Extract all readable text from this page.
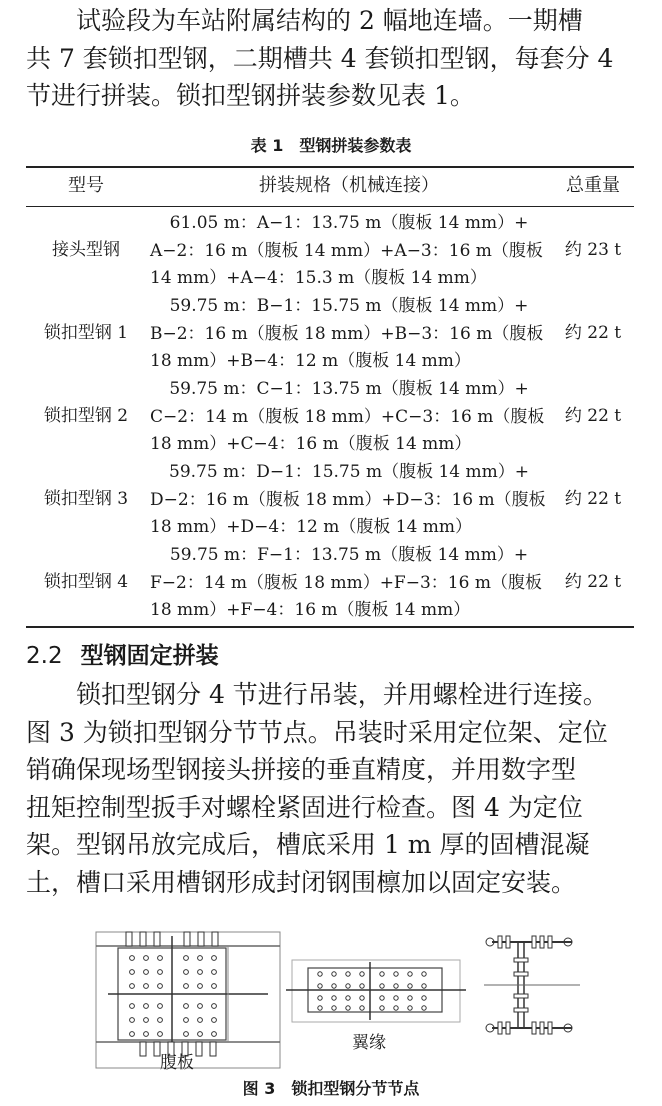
　　试验段为车站附属结构的 2 幅地连墙。一期槽
共 7 套锁扣型钢，二期槽共 4 套锁扣型钢，每套分 4
节进行拼装。锁扣型钢拼装参数见表 1。

表 1　型钢拼装参数表

型号	拼装规格（机械连接）	总重量
接头型钢
61.05 m：A−1：13.75 m（腹板 14 mm）+
A−2：16 m（腹板 14 mm）+A−3：16 m（腹板
14 mm）+A−4：15.3 m（腹板 14 mm）
约 23 t
锁扣型钢 1
59.75 m：B−1：15.75 m（腹板 14 mm）+
B−2：16 m（腹板 18 mm）+B−3：16 m（腹板
18 mm）+B−4：12 m（腹板 14 mm）
约 22 t
锁扣型钢 2
59.75 m：C−1：13.75 m（腹板 14 mm）+
C−2：14 m（腹板 18 mm）+C−3：16 m（腹板
18 mm）+C−4：16 m（腹板 14 mm）
约 22 t
锁扣型钢 3
59.75 m：D−1：15.75 m（腹板 14 mm）+
D−2：16 m（腹板 18 mm）+D−3：16 m（腹板
18 mm）+D−4：12 m（腹板 14 mm）
约 22 t
锁扣型钢 4
59.75 m：F−1：13.75 m（腹板 14 mm）+
F−2：14 m（腹板 18 mm）+F−3：16 m（腹板
18 mm）+F−4：16 m（腹板 14 mm）
约 22 t
2.2 型钢固定拼装
　　锁扣型钢分 4 节进行吊装，并用螺栓进行连接。
图 3 为锁扣型钢分节节点。吊装时采用定位架、定位
销确保现场型钢接头拼接的垂直精度，并用数字型
扭矩控制型扳手对螺栓紧固进行检查。图 4 为定位
架。型钢吊放完成后，槽底采用 1 m 厚的固槽混凝
土，槽口采用槽钢形成封闭钢围檩加以固定安装。
腹板
翼缘

图 3　锁扣型钢分节节点
